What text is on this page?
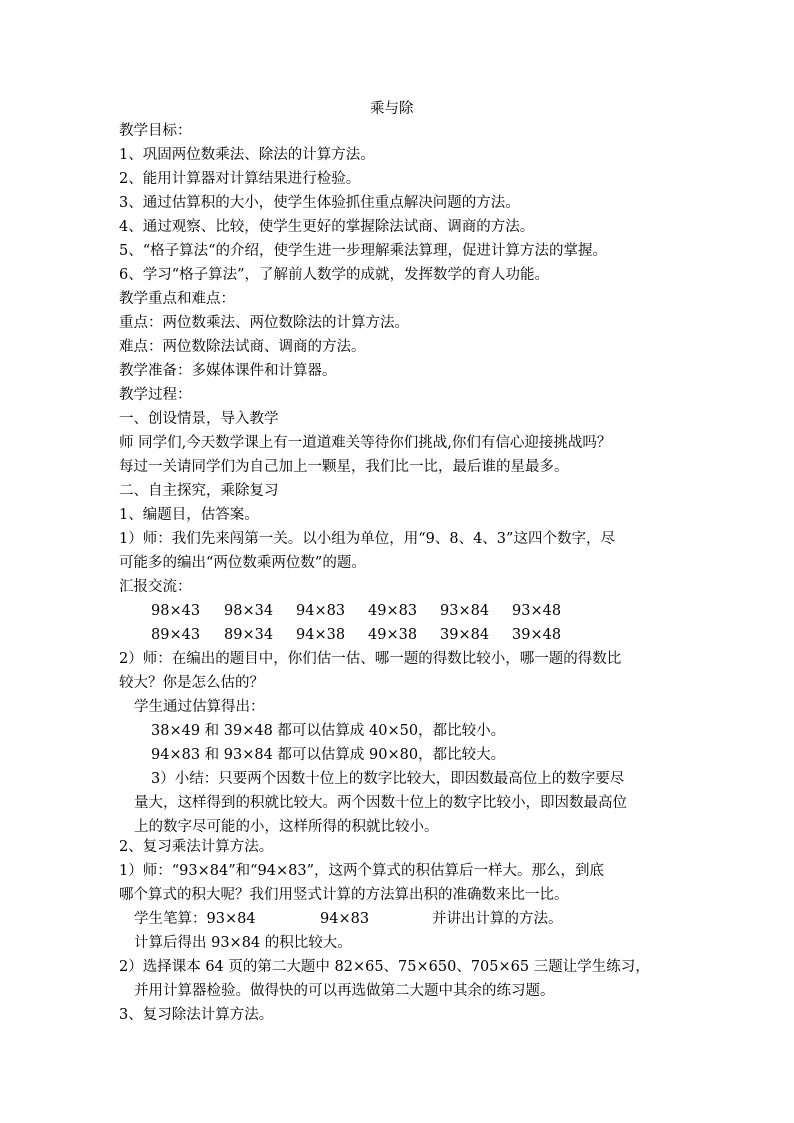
乘与除
教学目标：
1、巩固两位数乘法、除法的计算方法。
2、能用计算器对计算结果进行检验。
3、通过估算积的大小，使学生体验抓住重点解决问题的方法。
4、通过观察、比较，使学生更好的掌握除法试商、调商的方法。
5、“格子算法“的介绍，使学生进一步理解乘法算理，促进计算方法的掌握。
6、学习“格子算法”，了解前人数学的成就，发挥数学的育人功能。
教学重点和难点：
重点：两位数乘法、两位数除法的计算方法。
难点：两位数除法试商、调商的方法。
教学准备：多媒体课件和计算器。
教学过程：
一、创设情景，导入教学
师 同学们,今天数学课上有一道道难关等待你们挑战,你们有信心迎接挑战吗？
每过一关请同学们为自己加上一颗星，我们比一比，最后谁的星最多。
二、自主探究，乘除复习
1、编题目，估答案。
1）师：我们先来闯第一关。以小组为单位，用“9、8、4、3”这四个数字，尽
可能多的编出“两位数乘两位数”的题。
汇报交流：
98×43 98×34 94×83 49×83 93×84 93×48
89×43 89×34 94×38 49×38 39×84 39×48
2）师：在编出的题目中，你们估一估、哪一题的得数比较小，哪一题的得数比
较大？你是怎么估的？
学生通过估算得出：
38×49 和 39×48 都可以估算成 40×50，都比较小。
94×83 和 93×84 都可以估算成 90×80，都比较大。
3）小结：只要两个因数十位上的数字比较大，即因数最高位上的数字要尽
量大，这样得到的积就比较大。两个因数十位上的数字比较小，即因数最高位
上的数字尽可能的小，这样所得的积就比较小。
2、复习乘法计算方法。
1）师：“93×84”和“94×83”，这两个算式的积估算后一样大。那么，到底
哪个算式的积大呢？我们用竖式计算的方法算出积的准确数来比一比。
学生笔算：93×84	94×83	并讲出计算的方法。
计算后得出 93×84 的积比较大。
2）选择课本 64 页的第二大题中 82×65、75×650、705×65 三题让学生练习，
并用计算器检验。做得快的可以再选做第二大题中其余的练习题。
3、复习除法计算方法。
